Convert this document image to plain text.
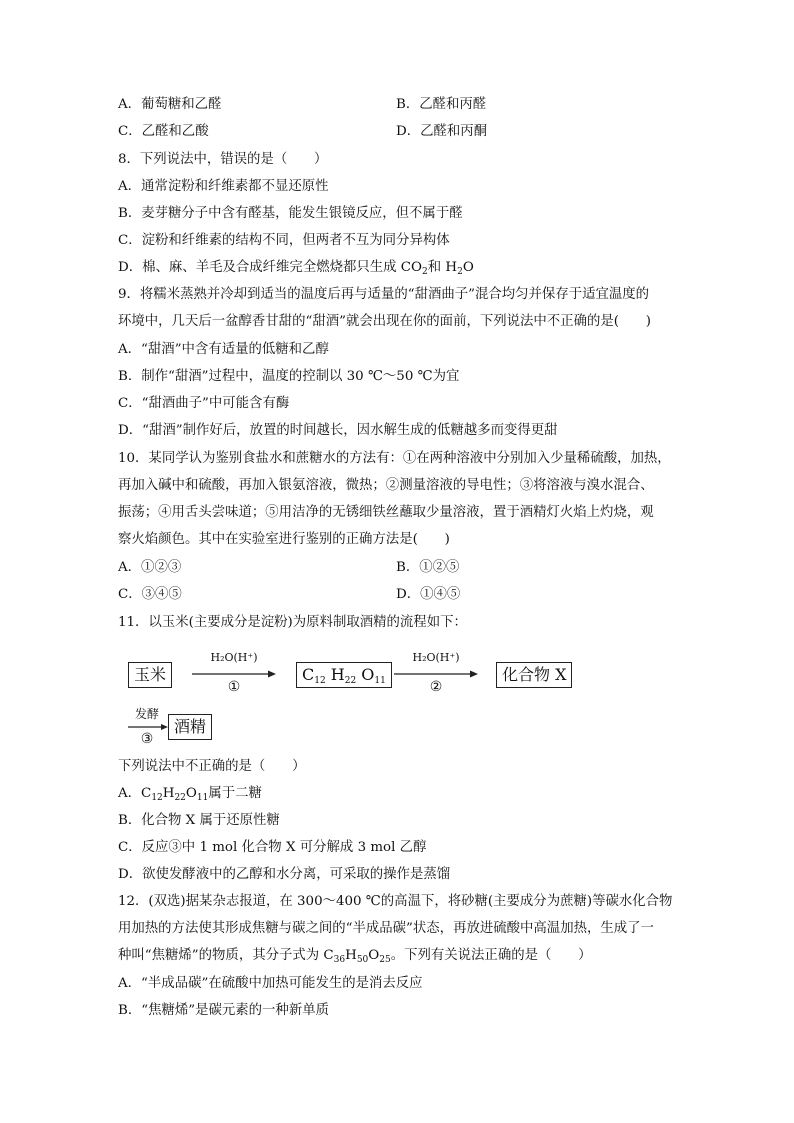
A．葡萄糖和乙醛	B．乙醛和丙醛
C．乙醛和乙酸	D．乙醛和丙酮
8．下列说法中，错误的是（　　）
A．通常淀粉和纤维素都不显还原性
B．麦芽糖分子中含有醛基，能发生银镜反应，但不属于醛
C．淀粉和纤维素的结构不同，但两者不互为同分异构体
D．棉、麻、羊毛及合成纤维完全燃烧都只生成 $CO_2$和 $H_2O$
9．将糯米蒸熟并冷却到适当的温度后再与适量的“甜酒曲子”混合均匀并保存于适宜温度的
环境中，几天后一盆醇香甘甜的“甜酒”就会出现在你的面前，下列说法中不正确的是(　　)
A．“甜酒”中含有适量的低糖和乙醇
B．制作“甜酒”过程中，温度的控制以 30 ℃～50 ℃为宜
C．“甜酒曲子”中可能含有酶
D．“甜酒”制作好后，放置的时间越长，因水解生成的低糖越多而变得更甜
10．某同学认为鉴别食盐水和蔗糖水的方法有：①在两种溶液中分别加入少量稀硫酸，加热，
再加入碱中和硫酸，再加入银氨溶液，微热；②测量溶液的导电性；③将溶液与溴水混合、
振荡；④用舌头尝味道；⑤用洁净的无锈细铁丝蘸取少量溶液，置于酒精灯火焰上灼烧，观
察火焰颜色。其中在实验室进行鉴别的正确方法是(　　)
A．①②③	B．①②⑤
C．③④⑤	D．①④⑤
11．以玉米(主要成分是淀粉)为原料制取酒精的流程如下：
玉米
H₂O(H⁺)
①
$C_{12}$ $H_{22}$ $O_{11}$
H₂O(H⁺)
②
化合物 X
发酵
③
酒精
下列说法中不正确的是（　　）
A．$C_{12}H_{22}O_{11}$属于二糖
B．化合物 X 属于还原性糖
C．反应③中 1 mol 化合物 X 可分解成 3 mol 乙醇
D．欲使发酵液中的乙醇和水分离，可采取的操作是蒸馏
12．(双选)据某杂志报道，在 300～400 ℃的高温下，将砂糖(主要成分为蔗糖)等碳水化合物
用加热的方法使其形成焦糖与碳之间的“半成品碳”状态，再放进硫酸中高温加热，生成了一
种叫“焦糖烯”的物质，其分子式为 $C_{36}H_{50}O_{25}$。下列有关说法正确的是（　　）
A．“半成品碳”在硫酸中加热可能发生的是消去反应
B．“焦糖烯”是碳元素的一种新单质
